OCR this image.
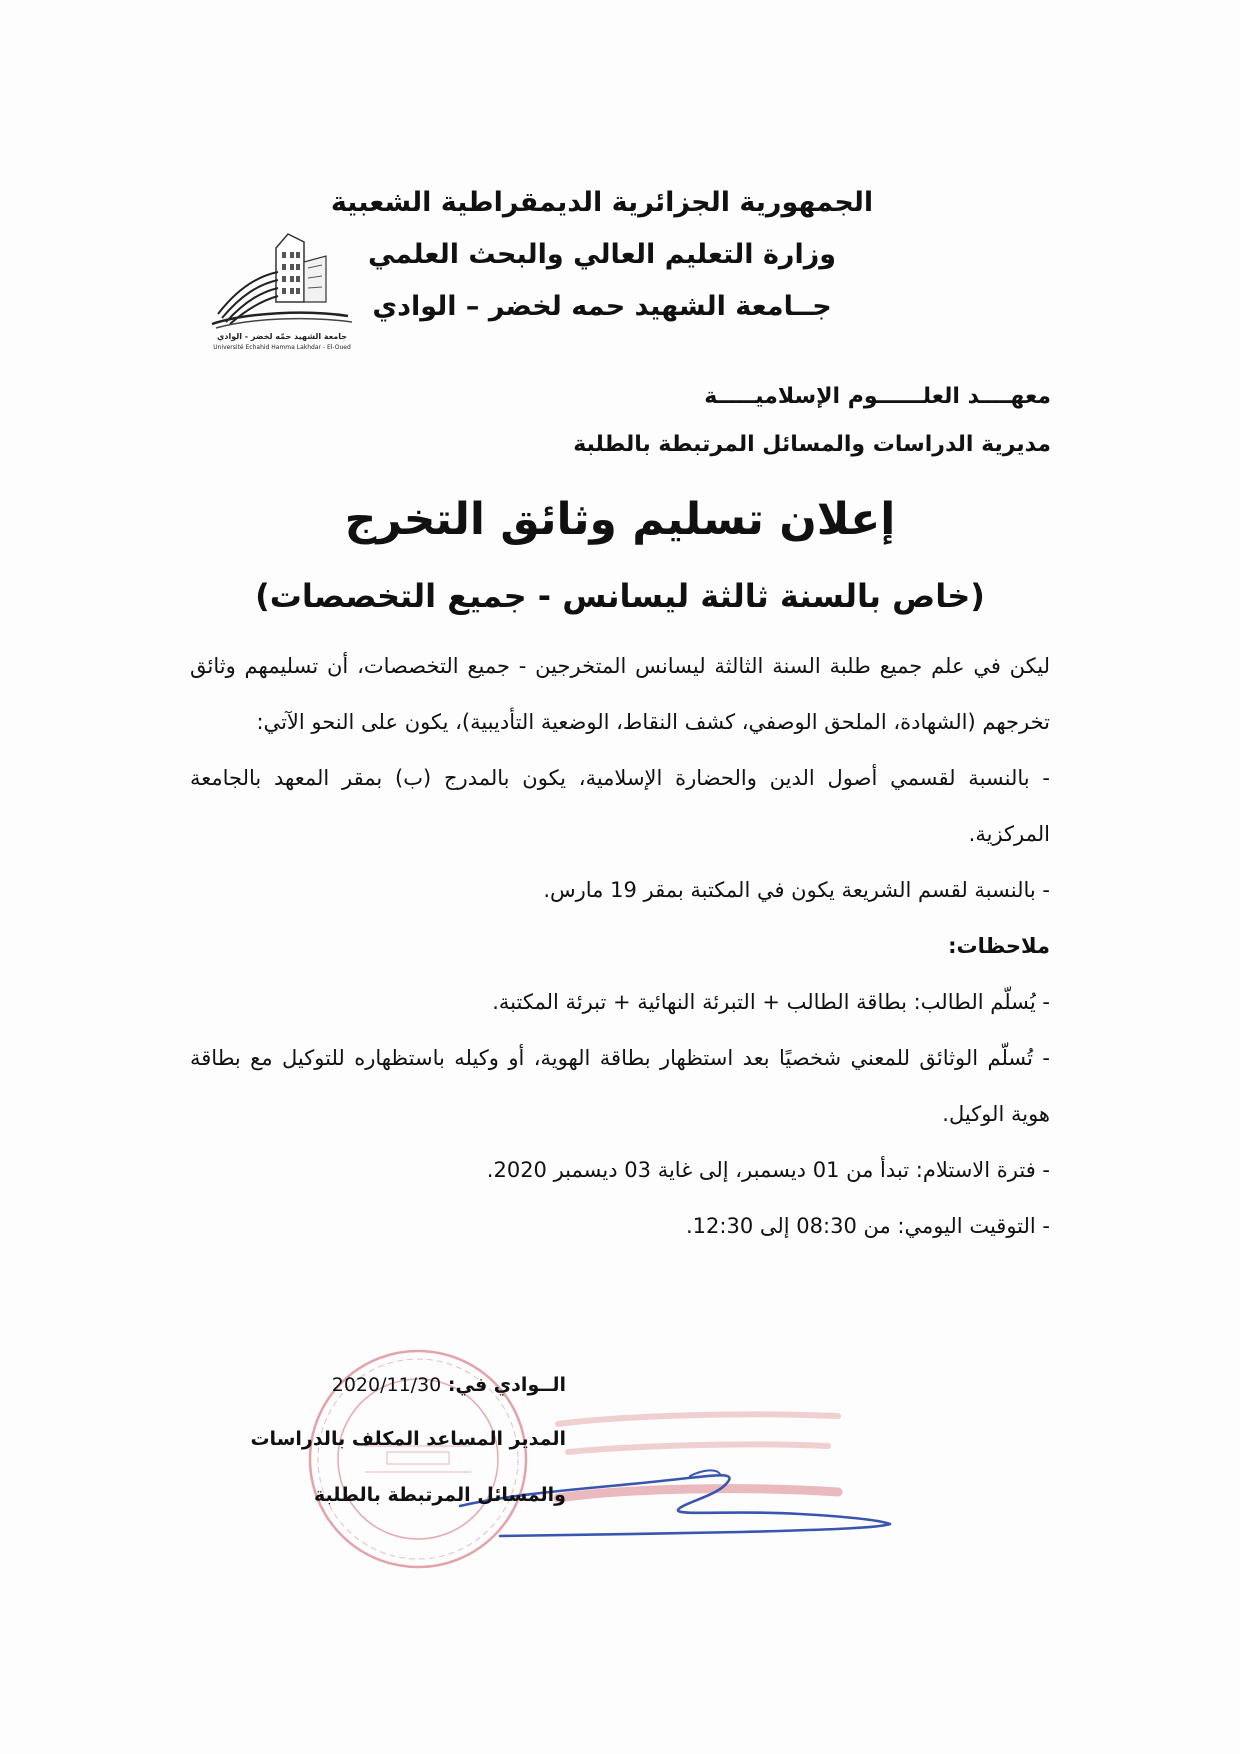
الجمهورية الجزائرية الديمقراطية الشعبية
وزارة التعليم العالي والبحث العلمي
جــامعة الشهيد حمه لخضر – الوادي
جامعة الشهيد حمّه لخضر - الوادي
Université Echahid Hamma Lakhdar - El-Oued
معهــــد العلــــــوم الإسلاميـــــة
مديرية الدراسات والمسائل المرتبطة بالطلبة
إعلان تسليم وثائق التخرج
(خاص بالسنة ثالثة ليسانس - جميع التخصصات)

ليكن في علم جميع طلبة السنة الثالثة ليسانس المتخرجين - جميع التخصصات، أن تسليمهم وثائق تخرجهم (الشهادة، الملحق الوصفي، كشف النقاط، الوضعية التأديبية)، يكون على النحو الآتي:

- بالنسبة لقسمي أصول الدين والحضارة الإسلامية، يكون بالمدرج (ب) بمقر المعهد بالجامعة المركزية.

- بالنسبة لقسم الشريعة يكون في المكتبة بمقر 19 مارس.

ملاحظات:

- يُسلّم الطالب: بطاقة الطالب + التبرئة النهائية + تبرئة المكتبة.

- تُسلّم الوثائق للمعني شخصيًا بعد استظهار بطاقة الهوية، أو وكيله باستظهاره للتوكيل مع بطاقة هوية الوكيل.

- فترة الاستلام: تبدأ من 01 ديسمبر، إلى غاية 03 ديسمبر 2020.

- التوقيت اليومي: من 08:30 إلى 12:30.

الــوادي في: 2020/11/30
المدير المساعد المكلف بالدراسات
والمسائل المرتبطة بالطلبة
